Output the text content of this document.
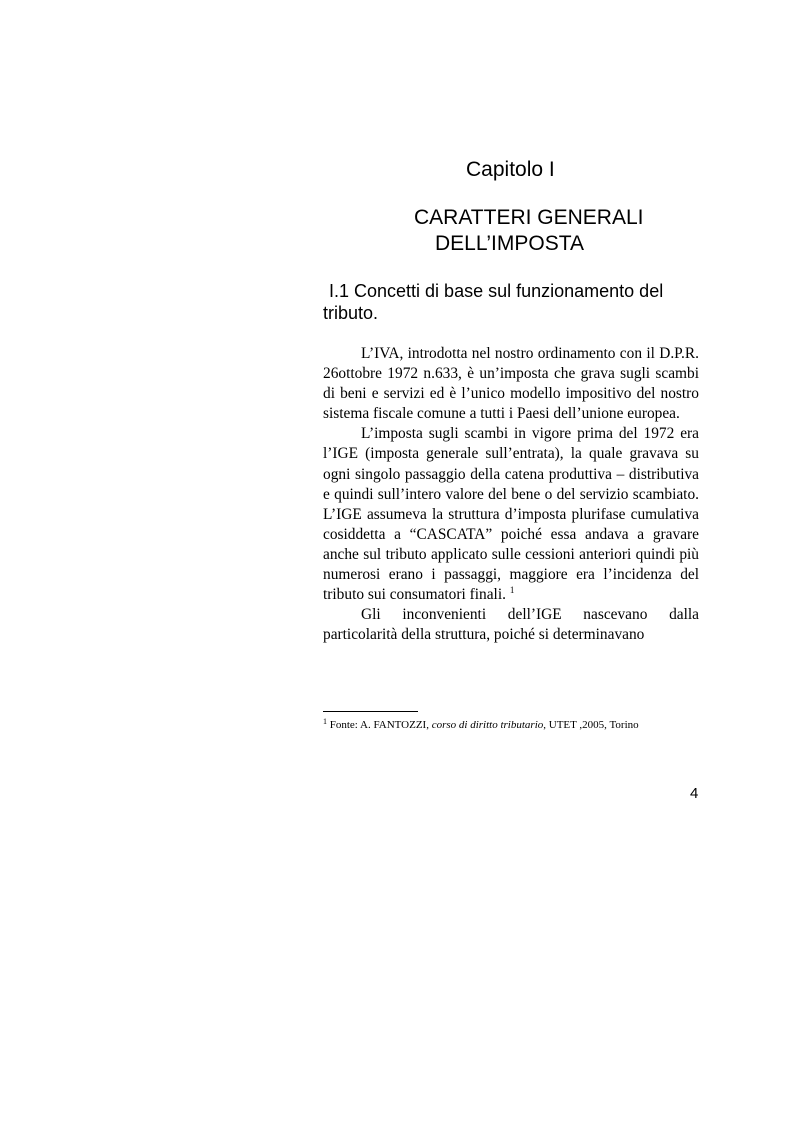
Capitolo I
CARATTERI GENERALI
DELL’IMPOSTA
I.1 Concetti di base sul funzionamento del
tributo.

L’IVA, introdotta nel nostro ordinamento con il D.P.R. 26ottobre 1972 n.633, è un’imposta che grava sugli scambi di beni e servizi ed è l’unico modello impositivo del nostro sistema fiscale comune a tutti i Paesi dell’unione europea.

L’imposta sugli scambi in vigore prima del 1972 era l’IGE (imposta generale sull’entrata), la quale gravava su ogni singolo passaggio della catena produttiva – distributiva e quindi sull’intero valore del bene o del servizio scambiato. L’IGE assumeva la struttura d’imposta plurifase cumulativa cosiddetta a “CASCATA” poiché essa andava a gravare anche sul tributo applicato sulle cessioni anteriori quindi più numerosi erano i passaggi, maggiore era l’incidenza del tributo sui consumatori finali. $^1$

Gli inconvenienti dell’IGE nascevano dalla particolarità della struttura, poiché si determinavano

$^1$ Fonte: A. FANTOZZI, corso di diritto tributario, UTET ,2005, Torino
4
